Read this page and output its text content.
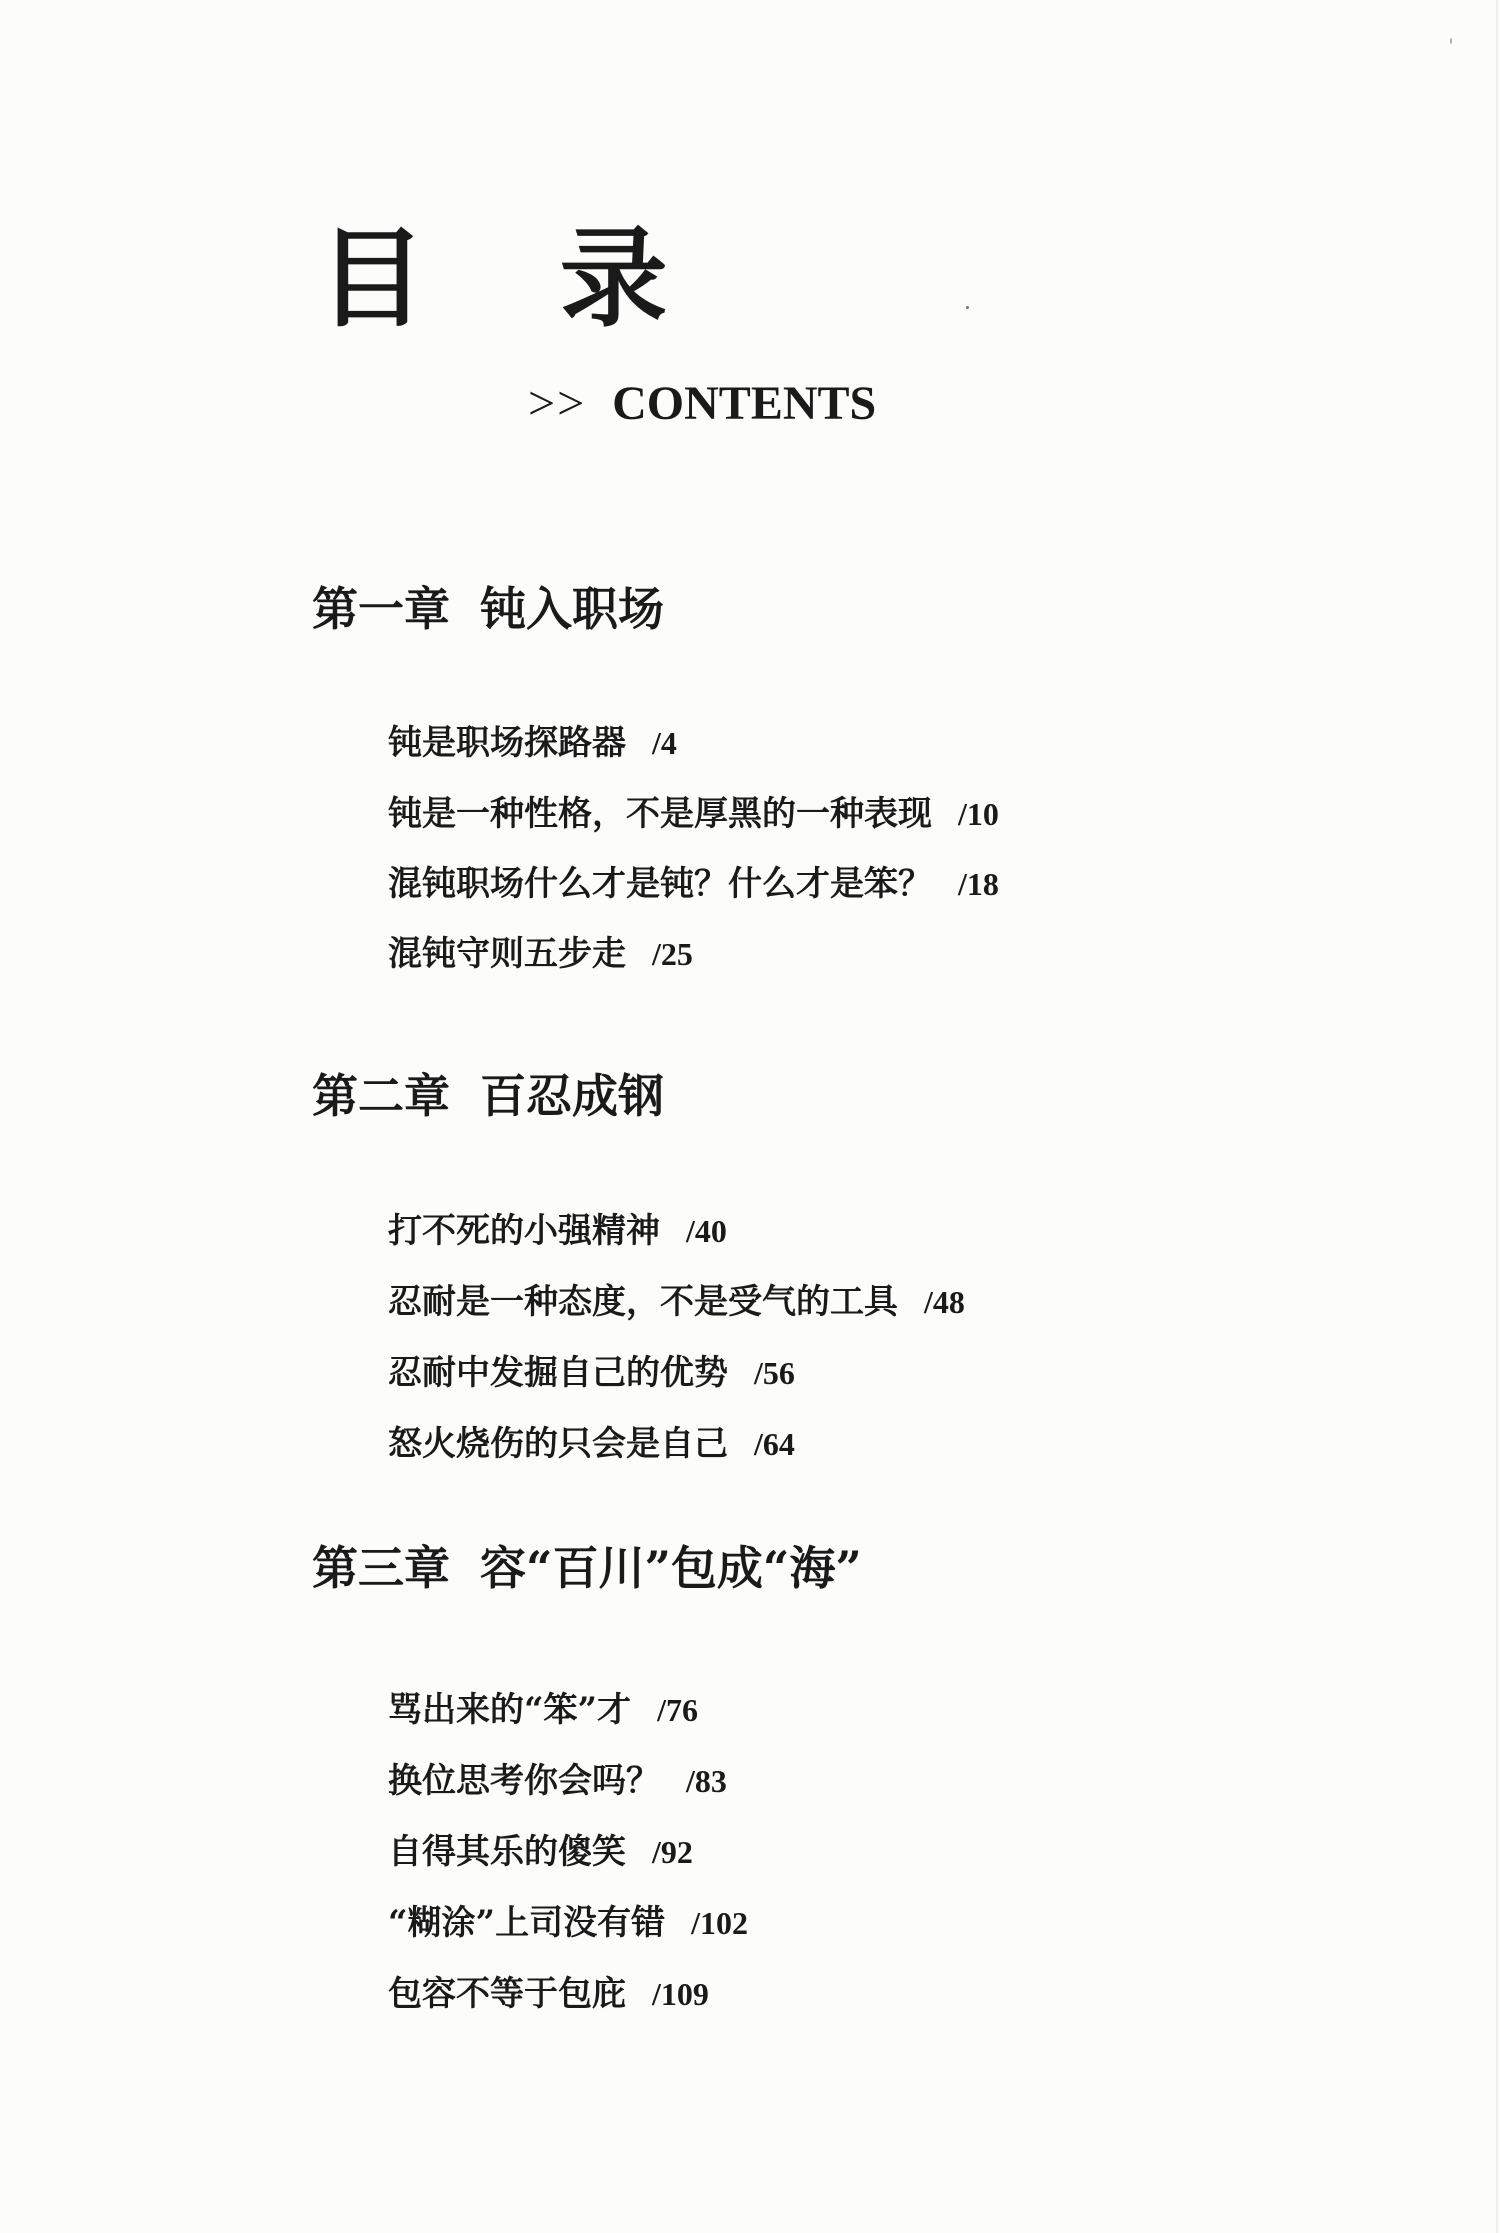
目 录
>> CONTENTS
第一章 钝入职场
钝是职场探路器 /4
钝是一种性格，不是厚黑的一种表现 /10
混钝职场什么才是钝？什么才是笨？ /18
混钝守则五步走 /25
第二章 百忍成钢
打不死的小强精神 /40
忍耐是一种态度，不是受气的工具 /48
忍耐中发掘自己的优势 /56
怒火烧伤的只会是自己 /64
第三章 容“百川”包成“海”
骂出来的“笨”才 /76
换位思考你会吗？ /83
自得其乐的傻笑 /92
“糊涂”上司没有错 /102
包容不等于包庇 /109
